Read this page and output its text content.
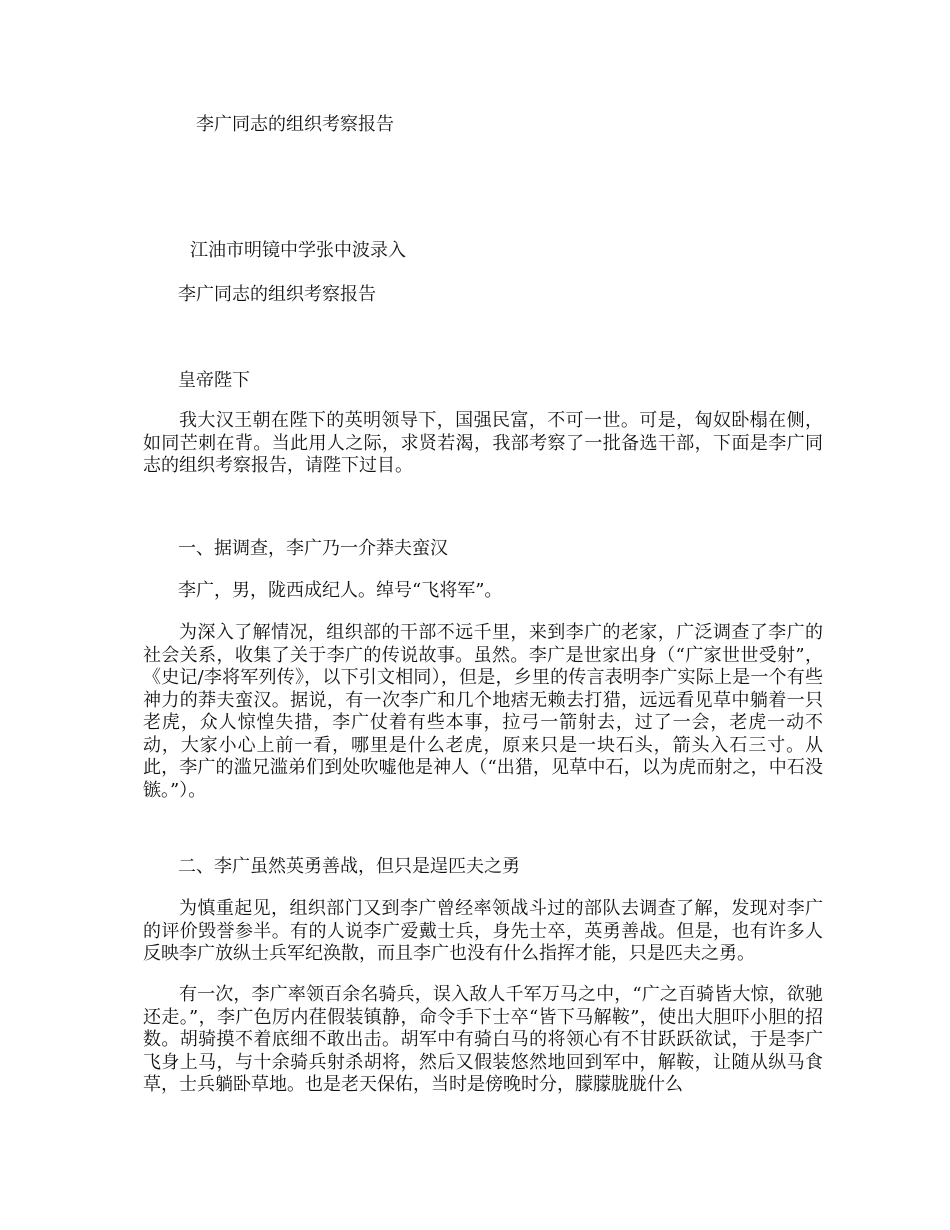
李广同志的组织考察报告
江油市明镜中学张中波录入
李广同志的组织考察报告
皇帝陛下

我大汉王朝在陛下的英明领导下，国强民富，不可一世。可是，匈奴卧榻在侧，如同芒刺在背。当此用人之际，求贤若渴，我部考察了一批备选干部，下面是李广同志的组织考察报告，请陛下过目。

一、据调查，李广乃一介莽夫蛮汉
李广，男，陇西成纪人。绰号“飞将军”。

为深入了解情况，组织部的干部不远千里，来到李广的老家，广泛调查了李广的社会关系，收集了关于李广的传说故事。虽然。李广是世家出身（“广家世世受射”，《史记/李将军列传》，以下引文相同），但是，乡里的传言表明李广实际上是一个有些神力的莽夫蛮汉。据说，有一次李广和几个地痞无赖去打猎，远远看见草中躺着一只老虎，众人惊惶失措，李广仗着有些本事，拉弓一箭射去，过了一会，老虎一动不动，大家小心上前一看，哪里是什么老虎，原来只是一块石头，箭头入石三寸。从此，李广的滥兄滥弟们到处吹嘘他是神人（“出猎，见草中石，以为虎而射之，中石没镞。”）。

二、李广虽然英勇善战，但只是逞匹夫之勇

为慎重起见，组织部门又到李广曾经率领战斗过的部队去调查了解，发现对李广的评价毁誉参半。有的人说李广爱戴士兵，身先士卒，英勇善战。但是，也有许多人反映李广放纵士兵军纪涣散，而且李广也没有什么指挥才能，只是匹夫之勇。

有一次，李广率领百余名骑兵，误入敌人千军万马之中，“广之百骑皆大惊，欲驰还走。”，李广色厉内荏假装镇静，命令手下士卒“皆下马解鞍”，使出大胆吓小胆的招数。胡骑摸不着底细不敢出击。胡军中有骑白马的将领心有不甘跃跃欲试，于是李广飞身上马，与十余骑兵射杀胡将，然后又假装悠然地回到军中，解鞍，让随从纵马食草，士兵躺卧草地。也是老天保佑，当时是傍晚时分，朦朦胧胧什么
